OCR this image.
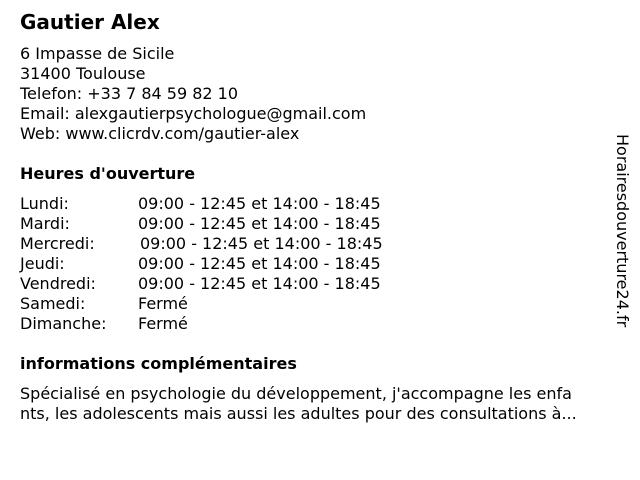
Gautier Alex
6 Impasse de Sicile
31400 Toulouse
Telefon: +33 7 84 59 82 10
Email: alexgautierpsychologue@gmail.com
Web: www.clicrdv.com/gautier-alex
Heures d'ouverture
Lundi:	09:00 - 12:45 et 14:00 - 18:45
Mardi:	09:00 - 12:45 et 14:00 - 18:45
Mercredi:	09:00 - 12:45 et 14:00 - 18:45
Jeudi:	09:00 - 12:45 et 14:00 - 18:45
Vendredi:	09:00 - 12:45 et 14:00 - 18:45
Samedi:	Fermé
Dimanche: Fermé
informations complémentaires
Spécialisé en psychologie du développement, j'accompagne les enfa
nts, les adolescents mais aussi les adultes pour des consultations à...
Horairesdouverture24.fr
